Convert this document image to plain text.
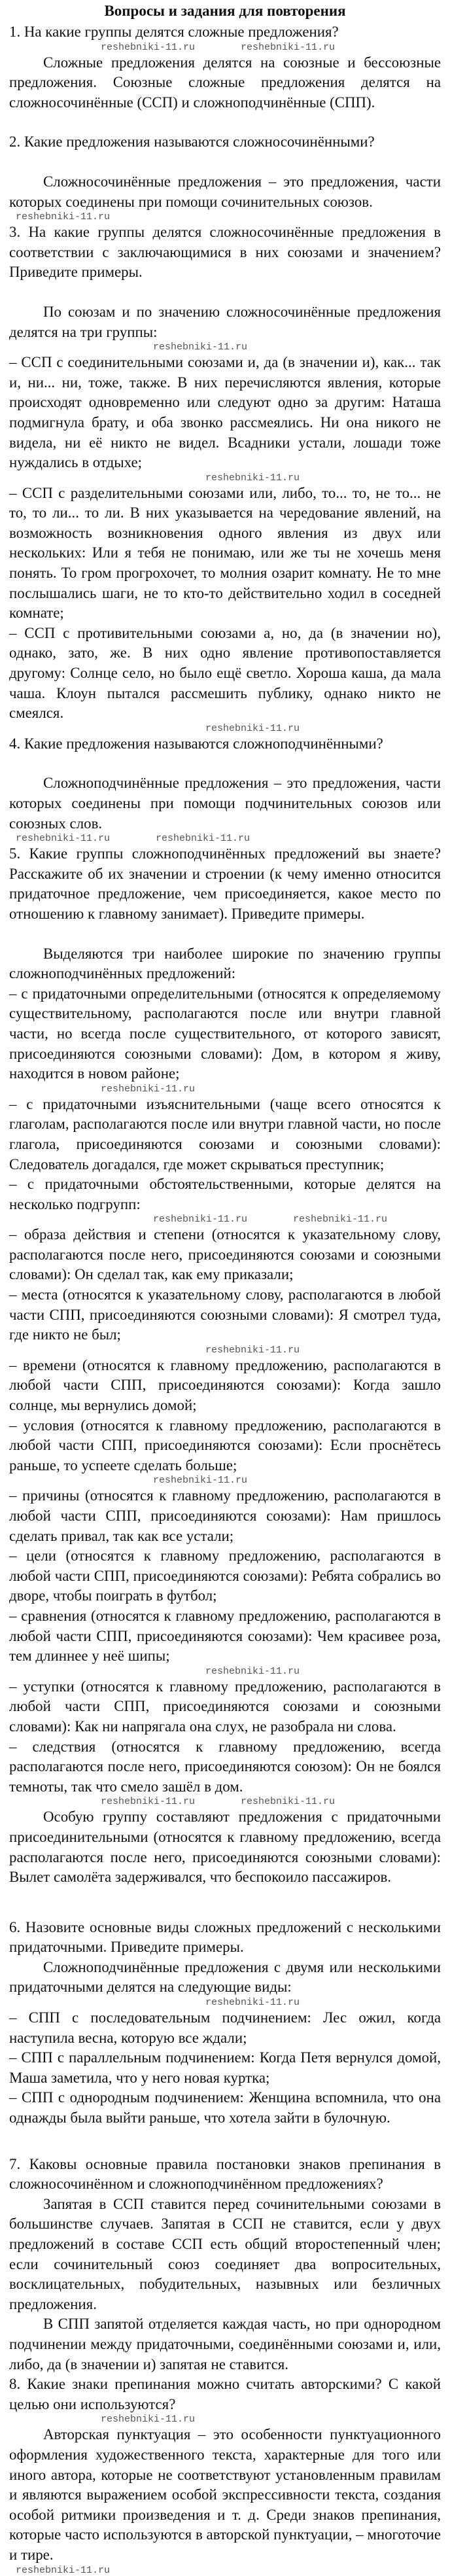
Вопросы и задания для повторения

1. На какие группы делятся сложные предложения?

reshebniki-11.ru	reshebniki-11.ru

Сложные предложения делятся на союзные и бессоюзные предложения. Союзные сложные предложения делятся на сложносочинённые (ССП) и сложноподчинённые (СПП).

2. Какие предложения называются сложносочинёнными?

Сложносочинённые предложения – это предложения, части которых соединены при помощи сочинительных союзов.

reshebniki-11.ru

3. На какие группы делятся сложносочинённые предложения в соответствии с заключающимися в них союзами и значением? Приведите примеры.

По союзам и по значению сложносочинённые предложения делятся на три группы:

reshebniki-11.ru

– ССП с соединительными союзами и, да (в значении и), как... так и, ни... ни, тоже, также. В них перечисляются явления, которые происходят одновременно или следуют одно за другим: Наташа подмигнула брату, и оба звонко рассмеялись. Ни она никого не видела, ни её никто не видел. Всадники устали, лошади тоже нуждались в отдыхе;

reshebniki-11.ru

– ССП с разделительными союзами или, либо, то... то, не то... не то, то ли... то ли. В них указывается на чередование явлений, на возможность возникновения одного явления из двух или нескольких: Или я тебя не понимаю, или же ты не хочешь меня понять. То гром прогрохочет, то молния озарит комнату. Не то мне послышались шаги, не то кто-то действительно ходил в соседней комнате;

– ССП с противительными союзами а, но, да (в значении но), однако, зато, же. В них одно явление противопоставляется другому: Солнце село, но было ещё светло. Хороша каша, да мала чаша. Клоун пытался рассмешить публику, однако никто не смеялся.

reshebniki-11.ru

4. Какие предложения называются сложноподчинёнными?

Сложноподчинённые предложения – это предложения, части которых соединены при помощи подчинительных союзов или союзных слов.

reshebniki-11.ru	reshebniki-11.ru

5. Какие группы сложноподчинённых предложений вы знаете? Расскажите об их значении и строении (к чему именно относится придаточное предложение, чем присоединяется, какое место по отношению к главному занимает). Приведите примеры.

Выделяются три наиболее широкие по значению группы сложноподчинённых предложений:

– с придаточными определительными (относятся к определяемому существительному, располагаются после или внутри главной части, но всегда после существительного, от которого зависят, присоединяются союзными словами): Дом, в котором я живу, находится в новом районе;

reshebniki-11.ru

– с придаточными изъяснительными (чаще всего относятся к глаголам, располагаются после или внутри главной части, но после глагола, присоединяются союзами и союзными словами): Следователь догадался, где может скрываться преступник;

– с придаточными обстоятельственными, которые делятся на несколько подгрупп:

reshebniki-11.ru	reshebniki-11.ru

– образа действия и степени (относятся к указательному слову, располагаются после него, присоединяются союзами и союзными словами): Он сделал так, как ему приказали;

– места (относятся к указательному слову, располагаются в любой части СПП, присоединяются союзными словами): Я смотрел туда, где никто не был;

reshebniki-11.ru

– времени (относятся к главному предложению, располагаются в любой части СПП, присоединяются союзами): Когда зашло солнце, мы вернулись домой;

– условия (относятся к главному предложению, располагаются в любой части СПП, присоединяются союзами): Если проснётесь раньше, то успеете сделать больше;

reshebniki-11.ru

– причины (относятся к главному предложению, располагаются в любой части СПП, присоединяются союзами): Нам пришлось сделать привал, так как все устали;

– цели (относятся к главному предложению, располагаются в любой части СПП, присоединяются союзами): Ребята собрались во дворе, чтобы поиграть в футбол;

– сравнения (относятся к главному предложению, располагаются в любой части СПП, присоединяются союзами): Чем красивее роза, тем длиннее у неё шипы;

reshebniki-11.ru

– уступки (относятся к главному предложению, располагаются в любой части СПП, присоединяются союзами и союзными словами): Как ни напрягала она слух, не разобрала ни слова.

– следствия (относятся к главному предложению, всегда располагаются после него, присоединяются союзом): Он не боялся темноты, так что смело зашёл в дом.

reshebniki-11.ru	reshebniki-11.ru

Особую группу составляют предложения с придаточными присоединительными (относятся к главному предложению, всегда располагаются после него, присоединяются союзными словами): Вылет самолёта задерживался, что беспокоило пассажиров.

6. Назовите основные виды сложных предложений с несколькими придаточными. Приведите примеры.

Сложноподчинённые предложения с двумя или несколькими придаточными делятся на следующие виды:

reshebniki-11.ru

– СПП с последовательным подчинением: Лес ожил, когда наступила весна, которую все ждали;

– СПП с параллельным подчинением: Когда Петя вернулся домой, Маша заметила, что у него новая куртка;

– СПП с однородным подчинением: Женщина вспомнила, что она однажды была выйти раньше, что хотела зайти в булочную.

7. Каковы основные правила постановки знаков препинания в сложносочинённом и сложноподчинённом предложениях?

Запятая в ССП ставится перед сочинительными союзами в большинстве случаев. Запятая в ССП не ставится, если у двух предложений в составе ССП есть общий второстепенный член; если сочинительный союз соединяет два вопросительных, восклицательных, побудительных, назывных или безличных предложения.

В СПП запятой отделяется каждая часть, но при однородном подчинении между придаточными, соединёнными союзами и, или, либо, да (в значении и) запятая не ставится.

8. Какие знаки препинания можно считать авторскими? С какой целью они используются?

reshebniki-11.ru

Авторская пунктуация – это особенности пунктуационного оформления художественного текста, характерные для того или иного автора, которые не соответствуют установленным правилам и являются выражением особой экспрессивности текста, создания особой ритмики произведения и т. д. Среди знаков препинания, которые часто используются в авторской пунктуации, – многоточие и тире.

reshebniki-11.ru
